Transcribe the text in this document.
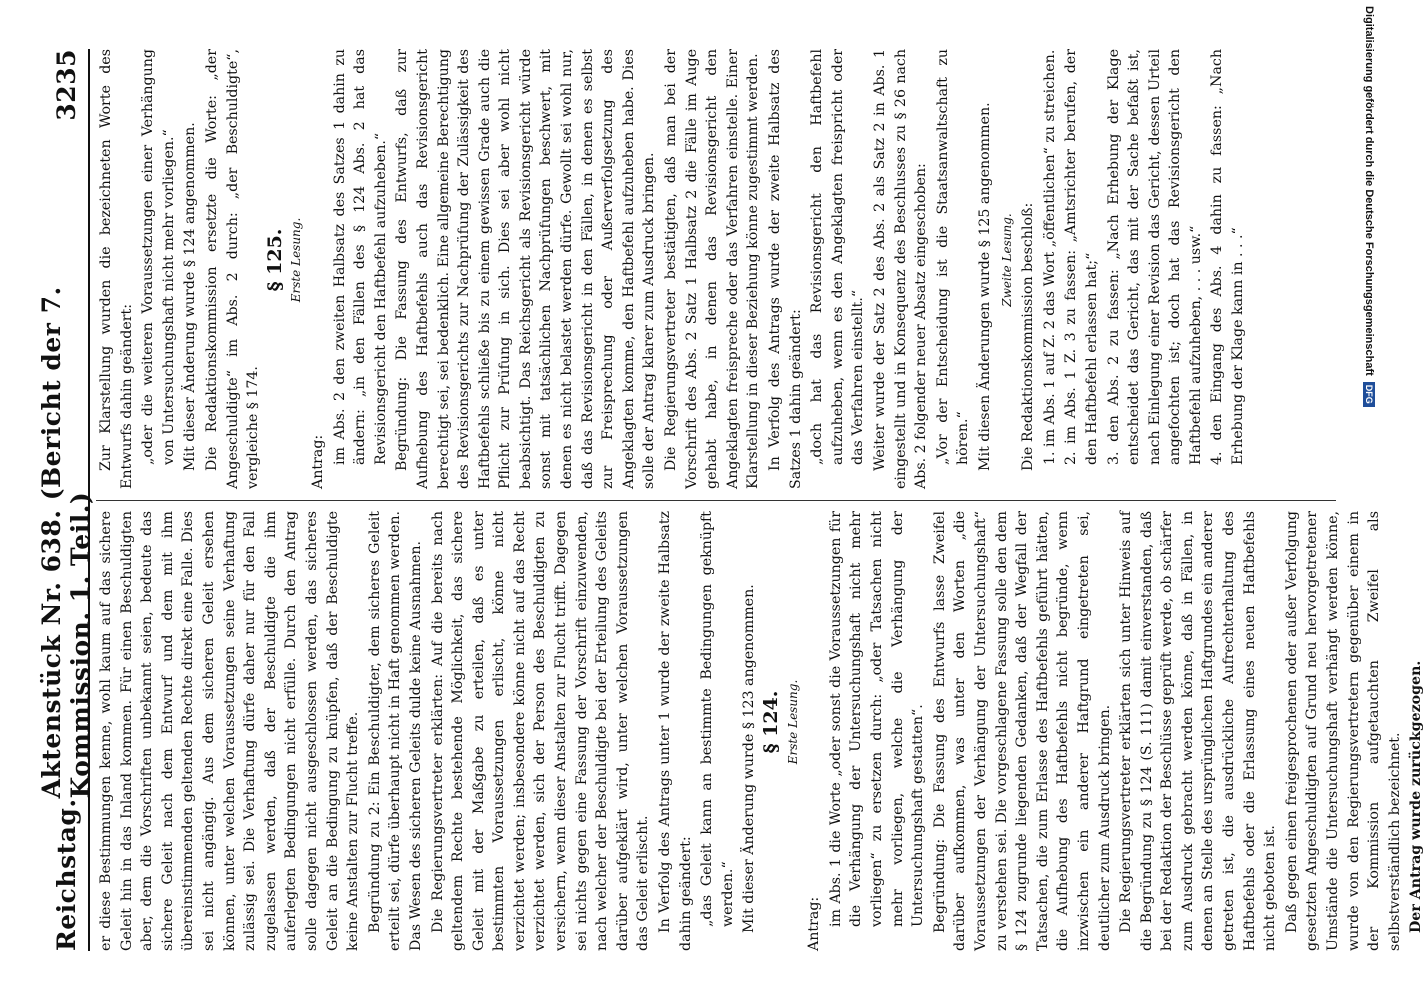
Reichstag.
Aktenstück Nr. 638. (Bericht der 7. Kommission. 1. Teil.)
3235

er diese Bestimmungen kenne, wohl kaum auf das sichere Geleit hin in das Inland kommen. Für einen Beschuldigten aber, dem die Vorschriften unbekannt seien, bedeute das sichere Geleit nach dem Entwurf und dem mit ihm übereinstimmenden geltenden Rechte direkt eine Falle. Dies sei nicht angängig. Aus dem sicheren Geleit ersehen können, unter welchen Voraussetzungen seine Verhaftung zulässig sei. Die Verhaftung dürfe daher nur für den Fall zugelassen werden, daß der Beschuldigte die ihm auferlegten Bedingungen nicht erfülle. Durch den Antrag solle dagegen nicht ausgeschlossen werden, das sicheres Geleit an die Bedingung zu knüpfen, daß der Beschuldigte keine Anstalten zur Flucht treffe. Begründung zu 2: Ein Beschuldigter, dem sicheres Geleit erteilt sei, dürfe überhaupt nicht in Haft genommen werden. Das Wesen des sicheren Geleits dulde keine Ausnahmen. Die Regierungsvertreter erklärten: Auf die bereits nach geltendem Rechte bestehende Möglichkeit, das sichere Geleit mit der Maßgabe zu erteilen, daß es unter bestimmten Voraussetzungen erlischt, könne nicht verzichtet werden; insbesondere könne nicht auf das Recht verzichtet werden, sich der Person des Beschuldigten zu versichern, wenn dieser Anstalten zur Flucht trifft. Dagegen sei nichts gegen eine Fassung der Vorschrift einzuwenden, nach welcher der Beschuldigte bei der Erteilung des Geleits darüber aufgeklärt wird, unter welchen Voraussetzungen das Geleit erlischt. In Verfolg des Antrags unter 1 wurde der zweite Halbsatz dahin geändert: „das Geleit kann an bestimmte Bedingungen geknüpft werden.“ Mit dieser Änderung wurde § 123 angenommen. § 124. Erste Lesung.

Antrag: im Abs. 1 die Worte „oder sonst die Voraussetzungen für die Verhängung der Untersuchungshaft nicht mehr vorliegen“ zu ersetzen durch: „oder Tatsachen nicht mehr vorliegen, welche die Verhängung der Untersuchungshaft gestatten“. Begründung: Die Fassung des Entwurfs lasse Zweifel darüber aufkommen, was unter den Worten „die Voraussetzungen der Verhängung der Untersuchungshaft“ zu verstehen sei. Die vorgeschlagene Fassung solle den dem § 124 zugrunde liegenden Gedanken, daß der Wegfall der Tatsachen, die zum Erlasse des Haftbefehls geführt hätten, die Aufhebung des Haftbefehls nicht begründe, wenn inzwischen ein anderer Haftgrund eingetreten sei, deutlicher zum Ausdruck bringen. Die Regierungsvertreter erklärten sich unter Hinweis auf die Begründung zu § 124 (S. 111) damit einverstanden, daß bei der Redaktion der Beschlüsse geprüft werde, ob schärfer zum Ausdruck gebracht werden könne, daß in Fällen, in denen an Stelle des ursprünglichen Haftgrundes ein anderer getreten ist, die ausdrückliche Aufrechterhaltung des Haftbefehls oder die Erlassung eines neuen Haftbefehls nicht geboten ist. Daß gegen einen freigesprochenen oder außer Verfolgung gesetzten Angeschuldigten auf Grund neu hervorgetretener Umstände die Untersuchungshaft verhängt werden könne, wurde von den Regierungsvertretern gegenüber einem in der Kommission aufgetauchten Zweifel als selbstverständlich bezeichnet. Der Antrag wurde zurückgezogen.

Zur Klarstellung wurden die bezeichneten Worte des Entwurfs dahin geändert: „oder die weiteren Voraussetzungen einer Verhängung von Untersuchungshaft nicht mehr vorliegen.“ Mit dieser Änderung wurde § 124 angenommen. Die Redaktionskommission ersetzte die Worte: „der Angeschuldigte“ im Abs. 2 durch: „der Beschuldigte“, vergleiche § 174.

§ 125. Erste Lesung.

Antrag: im Abs. 2 den zweiten Halbsatz des Satzes 1 dahin zu ändern: „in den Fällen des § 124 Abs. 2 hat das Revisionsgericht den Haftbefehl aufzuheben.“ Begründung: Die Fassung des Entwurfs, daß zur Aufhebung des Haftbefehls auch das Revisionsgericht berechtigt sei, sei bedenklich. Eine allgemeine Berechtigung des Revisionsgerichts zur Nachprüfung der Zulässigkeit des Haftbefehls schließe bis zu einem gewissen Grade auch die Pflicht zur Prüfung in sich. Dies sei aber wohl nicht beabsichtigt. Das Reichsgericht als Revisionsgericht würde sonst mit tatsächlichen Nachprüfungen beschwert, mit denen es nicht belastet werden dürfe. Gewollt sei wohl nur, daß das Revisionsgericht in den Fällen, in denen es selbst zur Freisprechung oder Außerverfolgsetzung des Angeklagten komme, den Haftbefehl aufzuheben habe. Dies solle der Antrag klarer zum Ausdruck bringen. Die Regierungsvertreter bestätigten, daß man bei der Vorschrift des Abs. 2 Satz 1 Halbsatz 2 die Fälle im Auge gehabt habe, in denen das Revisionsgericht den Angeklagten freispreche oder das Verfahren einstelle. Einer Klarstellung in dieser Beziehung könne zugestimmt werden. In Verfolg des Antrags wurde der zweite Halbsatz des Satzes 1 dahin geändert: „doch hat das Revisionsgericht den Haftbefehl aufzuheben, wenn es den Angeklagten freispricht oder das Verfahren einstellt.“ Weiter wurde der Satz 2 des Abs. 2 als Satz 2 in Abs. 1 eingestellt und in Konsequenz des Beschlusses zu § 26 nach Abs. 2 folgender neuer Absatz eingeschoben: „Vor der Entscheidung ist die Staatsanwaltschaft zu hören.“ Mit diesen Änderungen wurde § 125 angenommen. Zweite Lesung. Die Redaktionskommission beschloß: 1. im Abs. 1 auf Z. 2 das Wort „öffentlichen“ zu streichen. 2. im Abs. 1 Z. 3 zu fassen: „Amtsrichter berufen, der den Haftbefehl erlassen hat;“ 3. den Abs. 2 zu fassen: „Nach Erhebung der Klage entscheidet das Gericht, das mit der Sache befaßt ist, nach Einlegung einer Revision das Gericht, dessen Urteil angefochten ist; doch hat das Revisionsgericht den Haftbefehl aufzuheben, . . . usw.“ 4. den Eingang des Abs. 4 dahin zu fassen: „Nach Erhebung der Klage kann in . . .“	Digitalisierung gefördert durch die Deutsche Forschungsgemeinschaft
DFG
